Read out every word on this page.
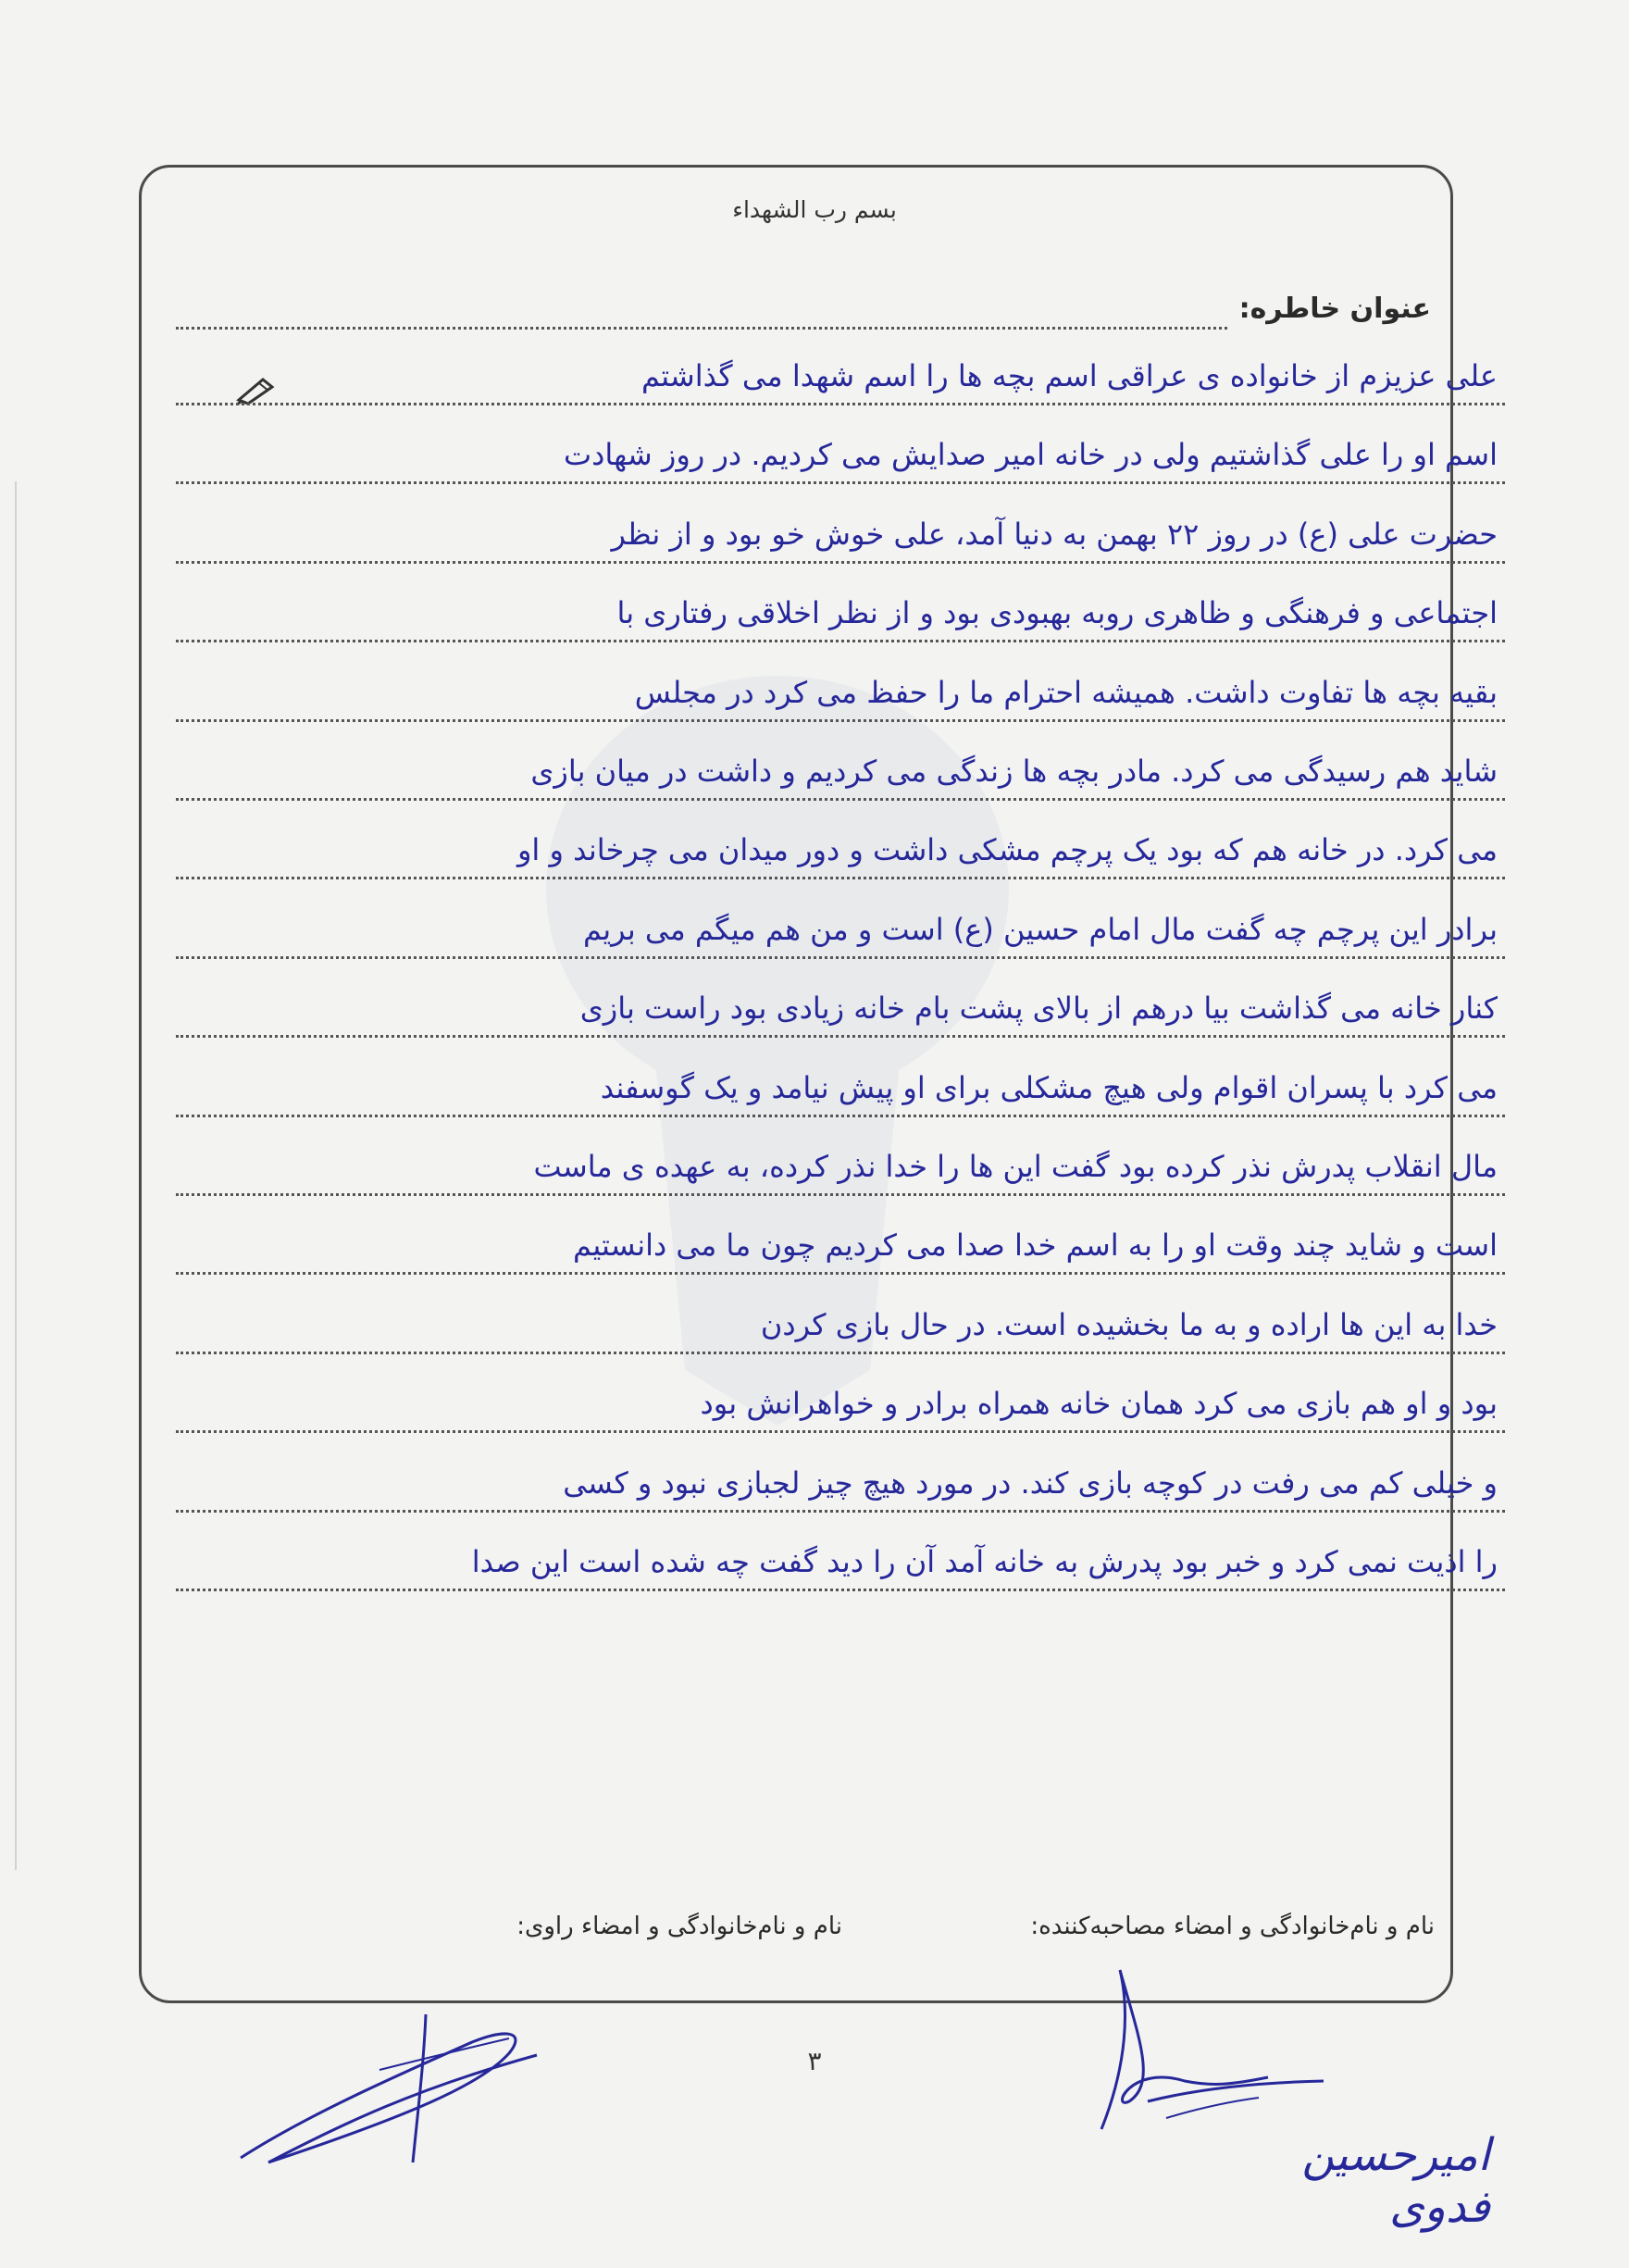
بسم رب الشهداء
عنوان خاطره:
علی عزیزم از خانواده ی عراقی اسم بچه ها را اسم شهدا می گذاشتم
اسم او را علی گذاشتیم ولی در خانه امیر صدایش می کردیم. در روز شهادت
حضرت علی (ع) در روز ۲۲ بهمن به دنیا آمد، علی خوش خو بود و از نظر
اجتماعی و فرهنگی و ظاهری روبه بهبودی بود و از نظر اخلاقی رفتاری با
بقیه بچه ها تفاوت داشت. همیشه احترام ما را حفظ می کرد در مجلس
شاید هم رسیدگی می کرد. مادر بچه ها زندگی می کردیم و داشت در میان بازی
می کرد. در خانه هم که بود یک پرچم مشکی داشت و دور میدان می چرخاند و او
برادر این پرچم چه گفت مال امام حسین (ع) است و من هم میگم می بریم
کنار خانه می گذاشت بیا درهم از بالای پشت بام خانه زیادی بود راست بازی
می کرد با پسران اقوام ولی هیچ مشکلی برای او پیش نیامد و یک گوسفند
مال انقلاب پدرش نذر کرده بود گفت این ها را خدا نذر کرده، به عهده ی ماست
است و شاید چند وقت او را به اسم خدا صدا می کردیم چون ما می دانستیم
خدا به این ها اراده و به ما بخشیده است. در حال بازی کردن
بود و او هم بازی می کرد همان خانه همراه برادر و خواهرانش بود
و خیلی کم می رفت در کوچه بازی کند. در مورد هیچ چیز لجبازی نبود و کسی
را اذیت نمی کرد و خبر بود پدرش به خانه آمد آن را دید گفت چه شده است این صدا
نام و نام‌خانوادگی و امضاء مصاحبه‌کننده:
نام و نام‌خانوادگی و امضاء راوی:
٣
امیرحسین فدوی
